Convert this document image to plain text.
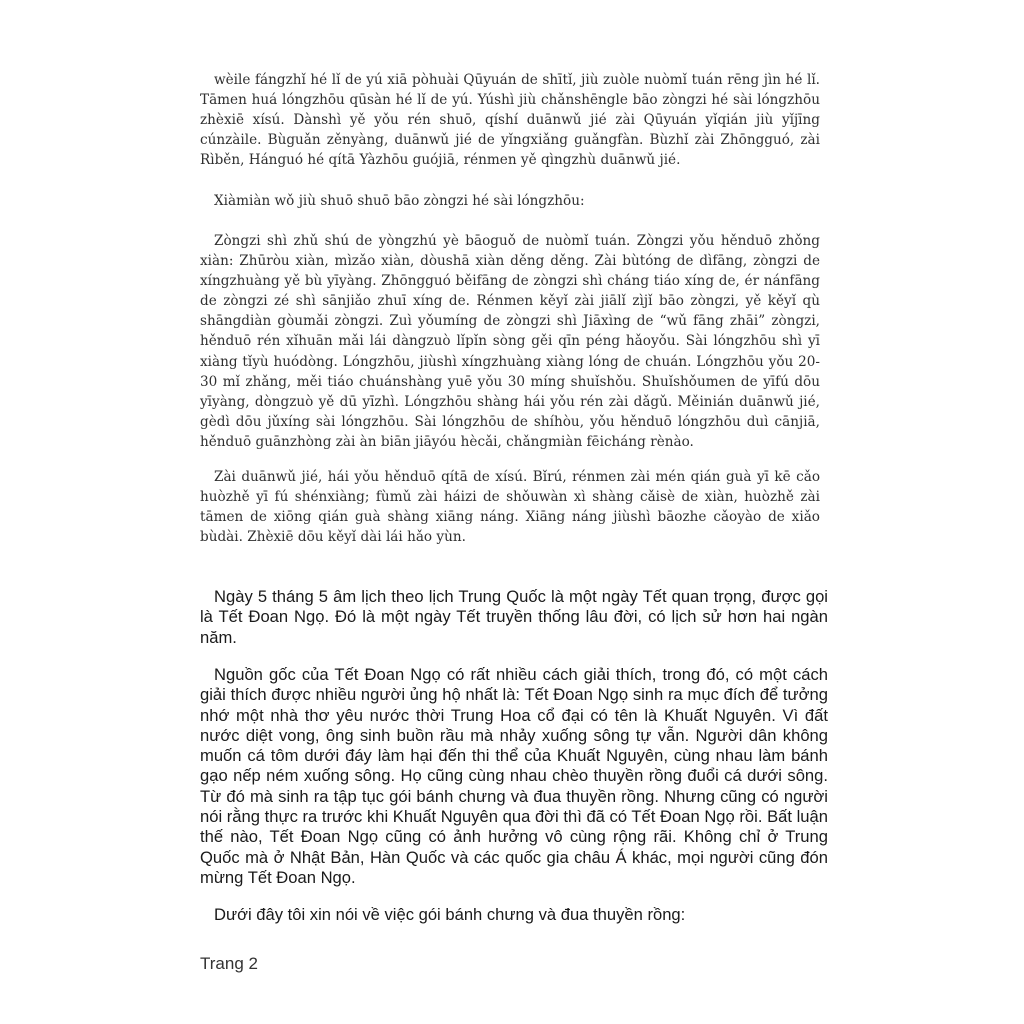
wèile fángzhǐ hé lǐ de yú xiā pòhuài Qūyuán de shītǐ, jiù zuòle nuòmǐ tuán rēng jìn hé lǐ. Tāmen huá lóngzhōu qūsàn hé lǐ de yú. Yúshì jiù chǎnshēngle bāo zòngzi hé sài lóngzhōu zhèxiē xísú. Dànshì yě yǒu rén shuō, qíshí duānwǔ jié zài Qūyuán yǐqián jiù yǐjīng cúnzàile. Bùguǎn zěnyàng, duānwǔ jié de yǐngxiǎng guǎngfàn. Bùzhǐ zài Zhōngguó, zài Rìběn, Hánguó hé qítā Yàzhōu guójiā, rénmen yě qìngzhù duānwǔ jié.

Xiàmiàn wǒ jiù shuō shuō bāo zòngzi hé sài lóngzhōu:

Zòngzi shì zhǔ shú de yòngzhú yè bāoguǒ de nuòmǐ tuán. Zòngzi yǒu hěnduō zhǒng xiàn: Zhūròu xiàn, mìzǎo xiàn, dòushā xiàn děng děng. Zài bùtóng de dìfāng, zòngzi de xíngzhuàng yě bù yīyàng. Zhōngguó běifāng de zòngzi shì cháng tiáo xíng de, ér nánfāng de zòngzi zé shì sānjiǎo zhuī xíng de. Rénmen kěyǐ zài jiālǐ zìjǐ bāo zòngzi, yě kěyǐ qù shāngdiàn gòumǎi zòngzi. Zuì yǒumíng de zòngzi shì Jiāxìng de “wǔ fāng zhāi” zòngzi, hěnduō rén xǐhuān mǎi lái dàngzuò lǐpǐn sòng gěi qīn péng hǎoyǒu. Sài lóngzhōu shì yī xiàng tǐyù huódòng. Lóngzhōu, jiùshì xíngzhuàng xiàng lóng de chuán. Lóngzhōu yǒu 20-30 mǐ zhǎng, měi tiáo chuánshàng yuē yǒu 30 míng shuǐshǒu. Shuǐshǒumen de yīfú dōu yīyàng, dòngzuò yě dū yīzhì. Lóngzhōu shàng hái yǒu rén zài dǎgǔ. Měinián duānwǔ jié, gèdì dōu jǔxíng sài lóngzhōu. Sài lóngzhōu de shíhòu, yǒu hěnduō lóngzhōu duì cānjiā, hěnduō guānzhòng zài àn biān jiāyóu hècǎi, chǎngmiàn fēicháng rènào.

Zài duānwǔ jié, hái yǒu hěnduō qítā de xísú. Bǐrú, rénmen zài mén qián guà yī kē cǎo huòzhě yī fú shénxiàng; fùmǔ zài háizi de shǒuwàn xì shàng cǎisè de xiàn, huòzhě zài tāmen de xiōng qián guà shàng xiāng náng. Xiāng náng jiùshì bāozhe cǎoyào de xiǎo bùdài. Zhèxiē dōu kěyǐ dài lái hǎo yùn.

Ngày 5 tháng 5 âm lịch theo lịch Trung Quốc là một ngày Tết quan trọng, được gọi là Tết Đoan Ngọ. Đó là một ngày Tết truyền thống lâu đời, có lịch sử hơn hai ngàn năm.

Nguồn gốc của Tết Đoan Ngọ có rất nhiều cách giải thích, trong đó, có một cách giải thích được nhiều người ủng hộ nhất là: Tết Đoan Ngọ sinh ra mục đích để tưởng nhớ một nhà thơ yêu nước thời Trung Hoa cổ đại có tên là Khuất Nguyên. Vì đất nước diệt vong, ông sinh buồn rầu mà nhảy xuống sông tự vẫn. Người dân không muốn cá tôm dưới đáy làm hại đến thi thể của Khuất Nguyên, cùng nhau làm bánh gạo nếp ném xuống sông. Họ cũng cùng nhau chèo thuyền rồng đuổi cá dưới sông. Từ đó mà sinh ra tập tục gói bánh chưng và đua thuyền rồng. Nhưng cũng có người nói rằng thực ra trước khi Khuất Nguyên qua đời thì đã có Tết Đoan Ngọ rồi. Bất luận thế nào, Tết Đoan Ngọ cũng có ảnh hưởng vô cùng rộng rãi. Không chỉ ở Trung Quốc mà ở Nhật Bản, Hàn Quốc và các quốc gia châu Á khác, mọi người cũng đón mừng Tết Đoan Ngọ.

Dưới đây tôi xin nói về việc gói bánh chưng và đua thuyền rồng:

Trang 2
